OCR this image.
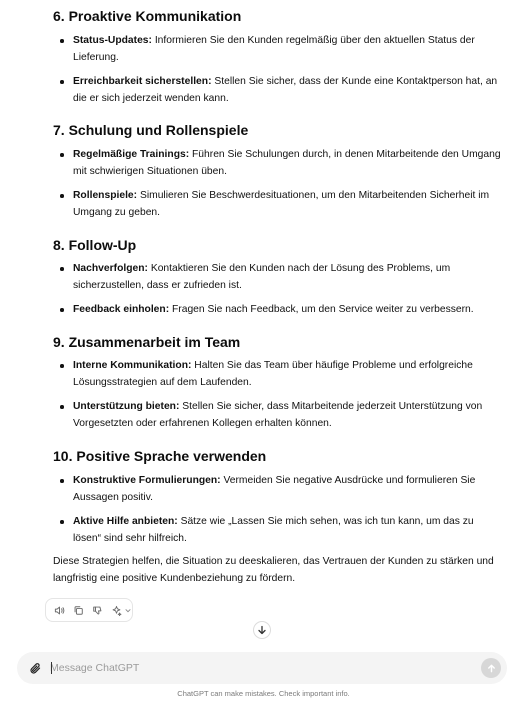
6. Proaktive Kommunikation
Status-Updates: Informieren Sie den Kunden regelmäßig über den aktuellen Status der Lieferung.
Erreichbarkeit sicherstellen: Stellen Sie sicher, dass der Kunde eine Kontaktperson hat, an die er sich jederzeit wenden kann.
7. Schulung und Rollenspiele
Regelmäßige Trainings: Führen Sie Schulungen durch, in denen Mitarbeitende den Umgang mit schwierigen Situationen üben.
Rollenspiele: Simulieren Sie Beschwerdesituationen, um den Mitarbeitenden Sicherheit im Umgang zu geben.
8. Follow-Up
Nachverfolgen: Kontaktieren Sie den Kunden nach der Lösung des Problems, um sicherzustellen, dass er zufrieden ist.
Feedback einholen: Fragen Sie nach Feedback, um den Service weiter zu verbessern.
9. Zusammenarbeit im Team
Interne Kommunikation: Halten Sie das Team über häufige Probleme und erfolgreiche Lösungsstrategien auf dem Laufenden.
Unterstützung bieten: Stellen Sie sicher, dass Mitarbeitende jederzeit Unterstützung von Vorgesetzten oder erfahrenen Kollegen erhalten können.
10. Positive Sprache verwenden
Konstruktive Formulierungen: Vermeiden Sie negative Ausdrücke und formulieren Sie Aussagen positiv.
Aktive Hilfe anbieten: Sätze wie „Lassen Sie mich sehen, was ich tun kann, um das zu lösen“ sind sehr hilfreich.

Diese Strategien helfen, die Situation zu deeskalieren, das Vertrauen der Kunden zu stärken und langfristig eine positive Kundenbeziehung zu fördern.

Message ChatGPT
ChatGPT can make mistakes. Check important info.
